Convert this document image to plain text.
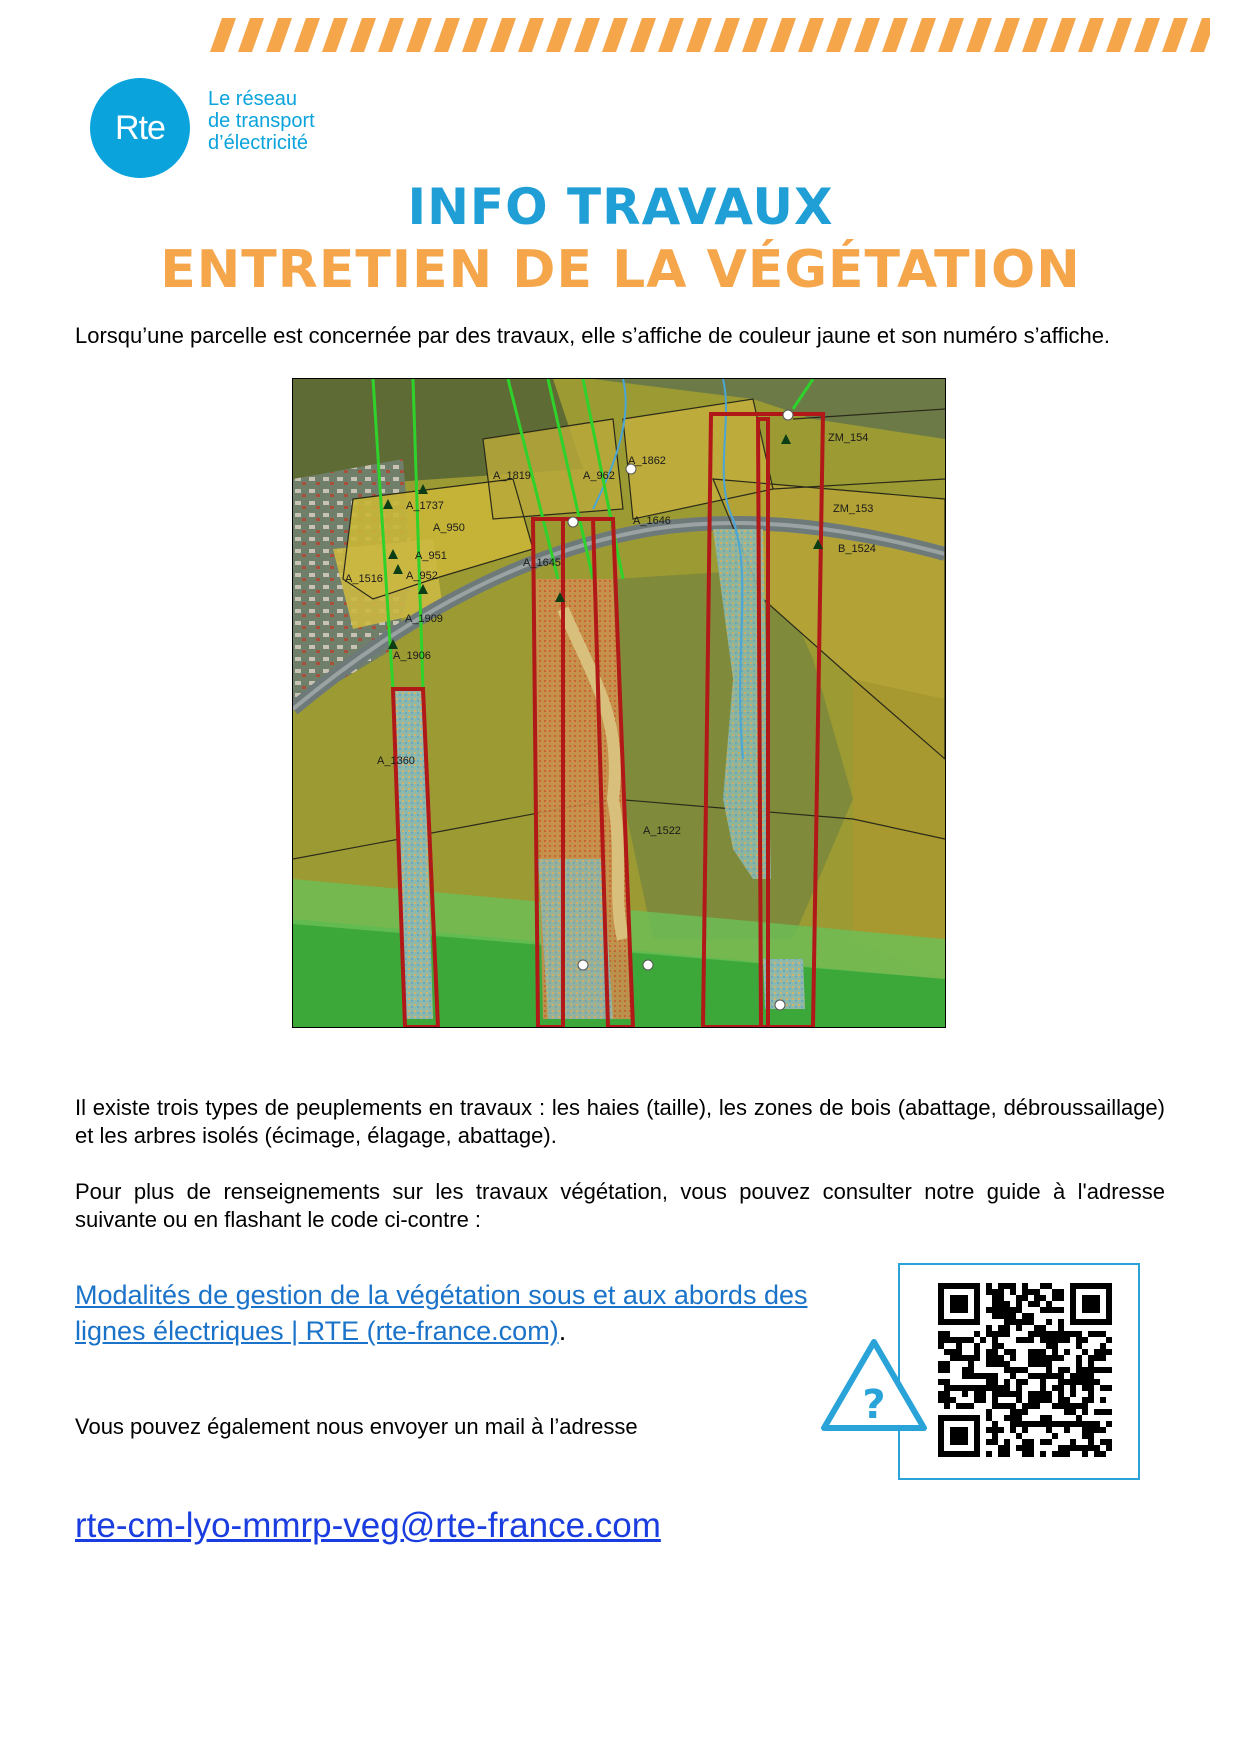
Rte
Le réseau
de transport
d’électricité
INFO TRAVAUX
ENTRETIEN DE LA VÉGÉTATION
Lorsqu’une parcelle est concernée par des travaux, elle s’affiche de couleur jaune et son numéro s’affiche.
A_1737
A_950
A_951
A_952
A_1516
A_1909
A_1906
A_1360
A_1819	A_962
A_1862
A_1646
A_1645
A_1522
ZM_154
ZM_153
B_1524
Il existe trois types de peuplements en travaux : les haies (taille), les zones de bois (abattage, débroussaillage) et les arbres isolés (écimage, élagage, abattage).
Pour plus de renseignements sur les travaux végétation, vous pouvez consulter notre guide à l'adresse suivante ou en flashant le code ci-contre :
Modalités de gestion de la végétation sous et aux abords des lignes électriques | RTE (rte-france.com).
Vous pouvez également nous envoyer un mail à l’adresse
rte-cm-lyo-mmrp-veg@rte-france.com
?
